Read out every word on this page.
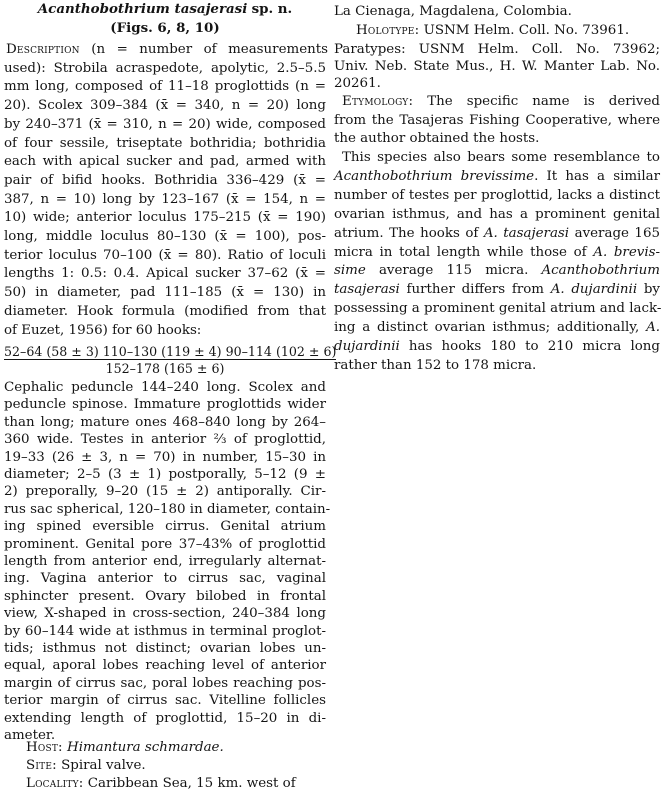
Acanthobothrium tasajerasi sp. n.
(Figs. 6, 8, 10)
Description (n = number of measurements
used): Strobila acraspedote, apolytic, 2.5–5.5
mm long, composed of 11–18 proglottids (n =
20). Scolex 309–384 (x̄ = 340, n = 20) long
by 240–371 (x̄ = 310, n = 20) wide, composed
of four sessile, triseptate bothridia; bothridia
each with apical sucker and pad, armed with
pair of bifid hooks. Bothridia 336–429 (x̄ =
387, n = 10) long by 123–167 (x̄ = 154, n =
10) wide; anterior loculus 175–215 (x̄ = 190)
long, middle loculus 80–130 (x̄ = 100), pos-
terior loculus 70–100 (x̄ = 80). Ratio of loculi
lengths 1: 0.5: 0.4. Apical sucker 37–62 (x̄ =
50) in diameter, pad 111–185 (x̄ = 130) in
diameter. Hook formula (modified from that
of Euzet, 1956) for 60 hooks:
52–64 (58 ± 3) 110–130 (119 ± 4) 90–114 (102 ± 6)
152–178 (165 ± 6)
Cephalic peduncle 144–240 long. Scolex and
peduncle spinose. Immature proglottids wider
than long; mature ones 468–840 long by 264–
360 wide. Testes in anterior ⅔ of proglottid,
19–33 (26 ± 3, n = 70) in number, 15–30 in
diameter; 2–5 (3 ± 1) postporally, 5–12 (9 ±
2) preporally, 9–20 (15 ± 2) antiporally. Cir-
rus sac spherical, 120–180 in diameter, contain-
ing spined eversible cirrus. Genital atrium
prominent. Genital pore 37–43% of proglottid
length from anterior end, irregularly alternat-
ing. Vagina anterior to cirrus sac, vaginal
sphincter present. Ovary bilobed in frontal
view, X-shaped in cross-section, 240–384 long
by 60–144 wide at isthmus in terminal proglot-
tids; isthmus not distinct; ovarian lobes un-
equal, aporal lobes reaching level of anterior
margin of cirrus sac, poral lobes reaching pos-
terior margin of cirrus sac. Vitelline follicles
extending length of proglottid, 15–20 in di-
ameter.
Host: Himantura schmardae.
Site: Spiral valve.
Locality: Caribbean Sea, 15 km. west of
La Cienaga, Magdalena, Colombia.
Holotype: USNM Helm. Coll. No. 73961.
Paratypes: USNM Helm. Coll. No. 73962;
Univ. Neb. State Mus., H. W. Manter Lab. No.
20261.
Etymology: The specific name is derived
from the Tasajeras Fishing Cooperative, where
the author obtained the hosts.
This species also bears some resemblance to
Acanthobothrium brevissime. It has a similar
number of testes per proglottid, lacks a distinct
ovarian isthmus, and has a prominent genital
atrium. The hooks of A. tasajerasi average 165
micra in total length while those of A. brevis-
sime average 115 micra. Acanthobothrium
tasajerasi further differs from A. dujardinii by
possessing a prominent genital atrium and lack-
ing a distinct ovarian isthmus; additionally, A.
dujardinii has hooks 180 to 210 micra long
rather than 152 to 178 micra.
